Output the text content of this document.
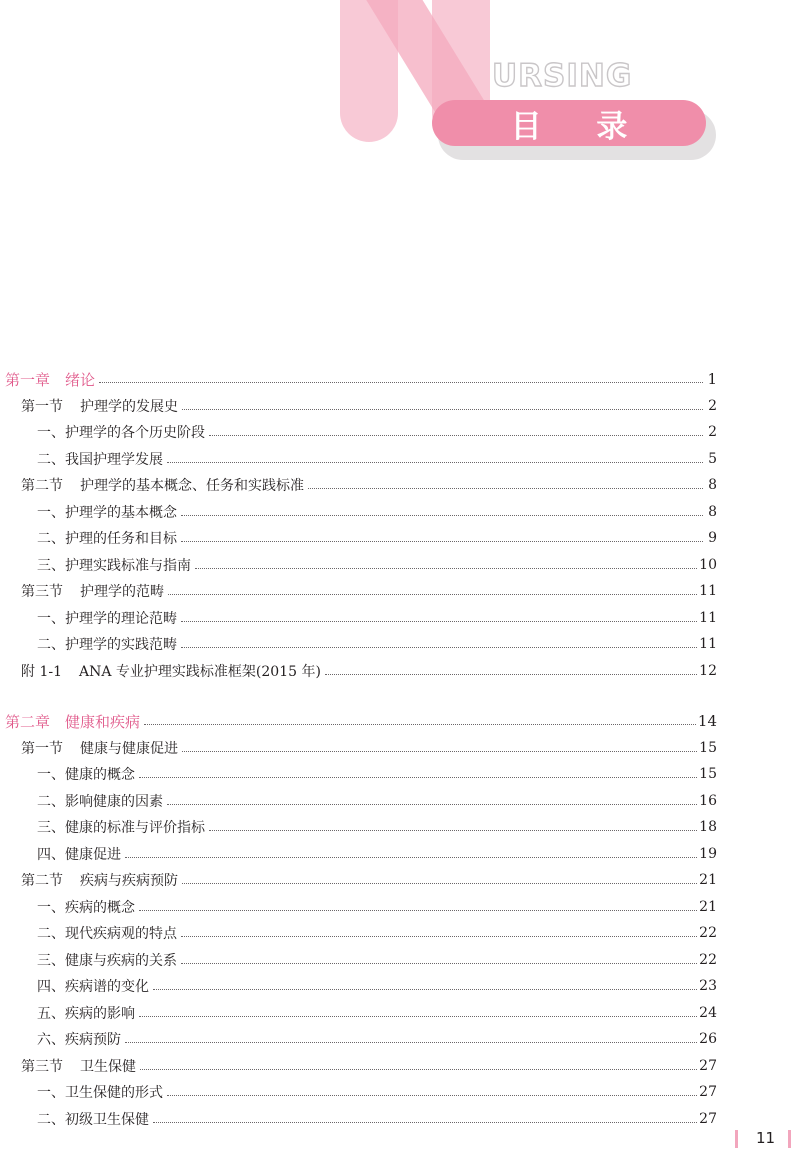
URSING
目 录
第一章　绪论	1
第一节 护理学的发展史	2
一、护理学的各个历史阶段	2
二、我国护理学发展	5
第二节 护理学的基本概念、任务和实践标准	8
一、护理学的基本概念	8
二、护理的任务和目标	9
三、护理实践标准与指南	10
第三节 护理学的范畴	11
一、护理学的理论范畴	11
二、护理学的实践范畴	11
附 1-1 ANA 专业护理实践标准框架(2015 年)	12
第二章　健康和疾病	14
第一节 健康与健康促进	15
一、健康的概念	15
二、影响健康的因素	16
三、健康的标准与评价指标	18
四、健康促进	19
第二节 疾病与疾病预防	21
一、疾病的概念	21
二、现代疾病观的特点	22
三、健康与疾病的关系	22
四、疾病谱的变化	23
五、疾病的影响	24
六、疾病预防	26
第三节 卫生保健	27
一、卫生保健的形式	27
二、初级卫生保健	27
11
